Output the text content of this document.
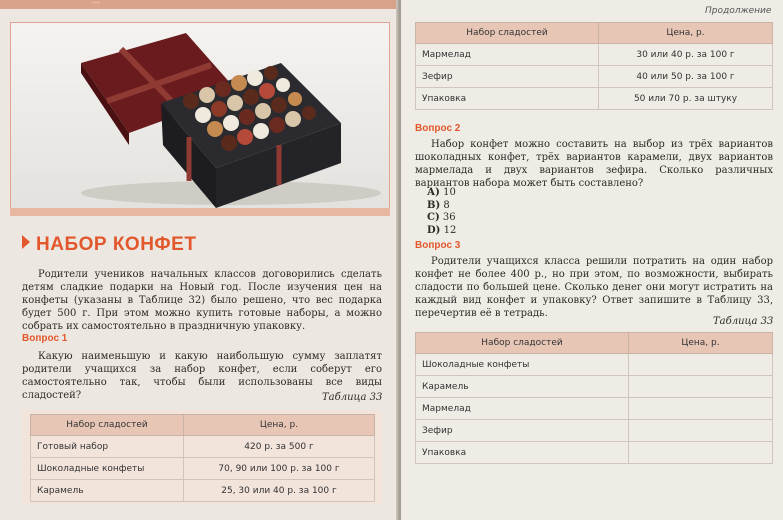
...
НАБОР КОНФЕТ
Родители учеников начальных классов договорились сделать детям сладкие подарки на Новый год. После изучения цен на конфеты (указаны в Таблице 32) было решено, что вес подарка будет 500 г. При этом можно купить готовые наборы, а можно собрать их самостоятельно в праздничную упаковку.
Вопрос 1
Какую наименьшую и какую наибольшую сумму заплатят родители учащихся за набор конфет, если соберут его самостоятельно так, чтобы были использованы все виды сладостей?	Таблица 33
Набор сладостей	Цена, р.
Готовый набор	420 р. за 500 г
Шоколадные конфеты	70, 90 или 100 р. за 100 г
Карамель	25, 30 или 40 р. за 100 г
Продолжение
Набор сладостей	Цена, р.
Мармелад	30 или 40 р. за 100 г
Зефир	40 или 50 р. за 100 г
Упаковка	50 или 70 р. за штуку
Вопрос 2
Набор конфет можно составить на выбор из трёх вариантов шоколадных конфет, трёх вариантов карамели, двух вариантов мармелада и двух вариантов зефира. Сколько различных вариантов набора может быть составлено?
А) 10
В) 8
С) 36
D) 12
Вопрос 3
Родители учащихся класса решили потратить на один набор конфет не более 400 р., но при этом, по возможности, выбирать сладости по большей цене. Сколько денег они могут истратить на каждый вид конфет и упаковку? Ответ запишите в Таблицу 33, перечертив её в тетрадь.
Таблица 33
Набор сладостей	Цена, р.
Шоколадные конфеты	
Карамель	
Мармелад	
Зефир	
Упаковка	
